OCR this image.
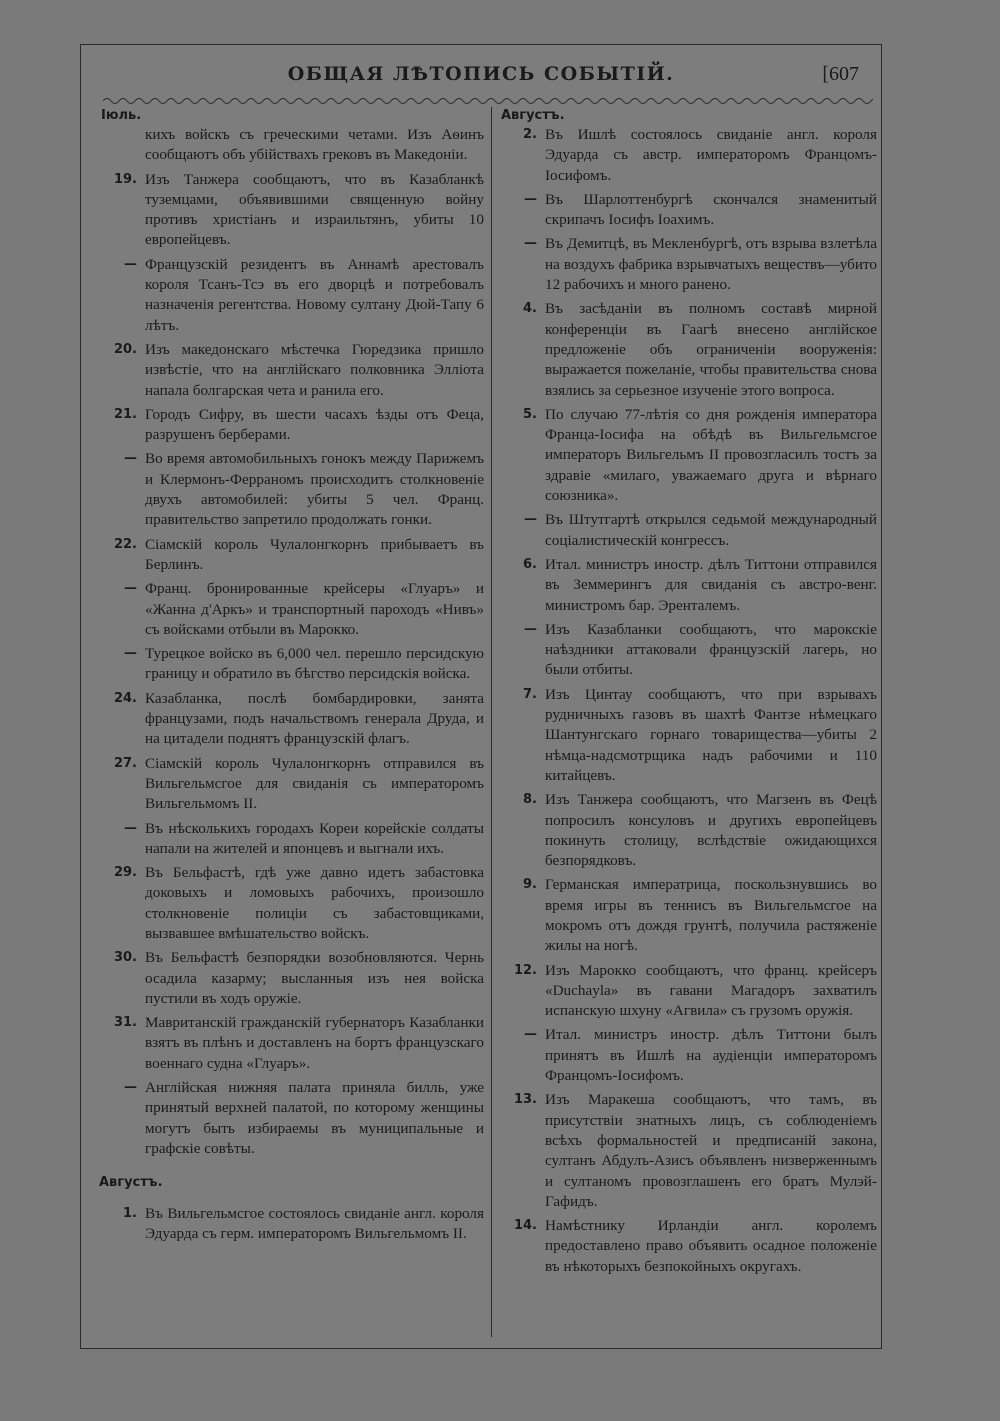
ОБЩАЯ ЛѢТОПИСЬ СОБЫТІЙ.	[607
Іюль.
кихъ войскъ съ греческими четами. Изъ Аѳинъ сообщаютъ объ убійствахъ грековъ въ Македоніи.
19. Изъ Танжера сообщаютъ, что въ Казабланкѣ туземцами, объявившими священную войну противъ христіанъ и израильтянъ, убиты 10 европейцевъ.
— Французскій резидентъ въ Аннамѣ арестовалъ короля Тсанъ-Тсэ въ его дворцѣ и потребовалъ назначенія регентства. Новому султану Дюй-Тапу 6 лѣтъ.
20. Изъ македонскаго мѣстечка Гюредзика пришло извѣстіе, что на англійскаго полковника Элліота напала болгарская чета и ранила его.
21. Городъ Сифру, въ шести часахъ ѣзды отъ Феца, разрушенъ берберами.
— Во время автомобильныхъ гонокъ между Парижемъ и Клермонъ-Ферраномъ происходитъ столкновеніе двухъ автомобилей: убиты 5 чел. Франц. правительство запретило продолжать гонки.
22. Сіамскій король Чулалонгкорнъ прибываетъ въ Берлинъ.
— Франц. бронированные крейсеры «Глуаръ» и «Жанна д'Аркъ» и транспортный пароходъ «Нивъ» съ войсками отбыли въ Марокко.
— Турецкое войско въ 6,000 чел. перешло персидскую границу и обратило въ бѣгство персидскія войска.
24. Казабланка, послѣ бомбардировки, занята французами, подъ начальствомъ генерала Друда, и на цитадели поднятъ французскій флагъ.
27. Сіамскій король Чулалонгкорнъ отправился въ Вильгельмсгое для свиданія съ императоромъ Вильгельмомъ II.
— Въ нѣсколькихъ городахъ Кореи корейскіе солдаты напали на жителей и японцевъ и выгнали ихъ.
29. Въ Бельфастѣ, гдѣ уже давно идетъ забастовка доковыхъ и ломовыхъ рабочихъ, произошло столкновеніе полиціи съ забастовщиками, вызвавшее вмѣшательство войскъ.
30. Въ Бельфастѣ безпорядки возобновляются. Чернь осадила казарму; высланныя изъ нея войска пустили въ ходъ оружіе.
31. Мавританскій гражданскій губернаторъ Казабланки взятъ въ плѣнъ и доставленъ на бортъ французскаго военнаго судна «Глуаръ».
— Англійская нижняя палата приняла билль, уже принятый верхней палатой, по которому женщины могутъ быть избираемы въ муниципальные и графскіе совѣты.
Августъ.
1. Въ Вильгельмсгое состоялось свиданіе англ. короля Эдуарда съ герм. императоромъ Вильгельмомъ II.
Августъ.
2. Въ Ишлѣ состоялось свиданіе англ. короля Эдуарда съ австр. императоромъ Францомъ-Іосифомъ.
— Въ Шарлоттенбургѣ скончался знаменитый скрипачъ Іосифъ Іоахимъ.
— Въ Демитцѣ, въ Мекленбургѣ, отъ взрыва взлетѣла на воздухъ фабрика взрывчатыхъ веществъ—убито 12 рабочихъ и много ранено.
4. Въ засѣданіи въ полномъ составѣ мирной конференціи въ Гаагѣ внесено англійское предложеніе объ ограниченіи вооруженія: выражается пожеланіе, чтобы правительства снова взялись за серьезное изученіе этого вопроса.
5. По случаю 77-лѣтія со дня рожденія императора Франца-Іосифа на обѣдѣ въ Вильгельмсгое императоръ Вильгельмъ II провозгласилъ тостъ за здравіе «милаго, уважаемаго друга и вѣрнаго союзника».
— Въ Штутгартѣ открылся седьмой международный соціалистическій конгрессъ.
6. Итал. министръ иностр. дѣлъ Титтони отправился въ Земмерингъ для свиданія съ австро-венг. министромъ бар. Эренталемъ.
— Изъ Казабланки сообщаютъ, что марокскіе наѣздники аттаковали французскій лагерь, но были отбиты.
7. Изъ Цинтау сообщаютъ, что при взрывахъ рудничныхъ газовъ въ шахтѣ Фантзе нѣмецкаго Шантунгскаго горнаго товарищества—убиты 2 нѣмца-надсмотрщика надъ рабочими и 110 китайцевъ.
8. Изъ Танжера сообщаютъ, что Магзенъ въ Фецѣ попросилъ консуловъ и другихъ европейцевъ покинуть столицу, вслѣдствіе ожидающихся безпорядковъ.
9. Германская императрица, поскользнувшись во время игры въ теннисъ въ Вильгельмсгое на мокромъ отъ дождя грунтѣ, получила растяженіе жилы на ногѣ.
12. Изъ Марокко сообщаютъ, что франц. крейсеръ «Duchayla» въ гавани Магадоръ захватилъ испанскую шхуну «Агвила» съ грузомъ оружія.
— Итал. министръ иностр. дѣлъ Титтони былъ принятъ въ Ишлѣ на аудіенціи императоромъ Францомъ-Іосифомъ.
13. Изъ Маракеша сообщаютъ, что тамъ, въ присутствіи знатныхъ лицъ, съ соблюденіемъ всѣхъ формальностей и предписаній закона, султанъ Абдулъ-Азисъ объявленъ низверженнымъ и султаномъ провозглашенъ его братъ Мулэй-Гафидъ.
14. Намѣстнику Ирландіи англ. королемъ предоставлено право объявить осадное положеніе въ нѣкоторыхъ безпокойныхъ округахъ.
